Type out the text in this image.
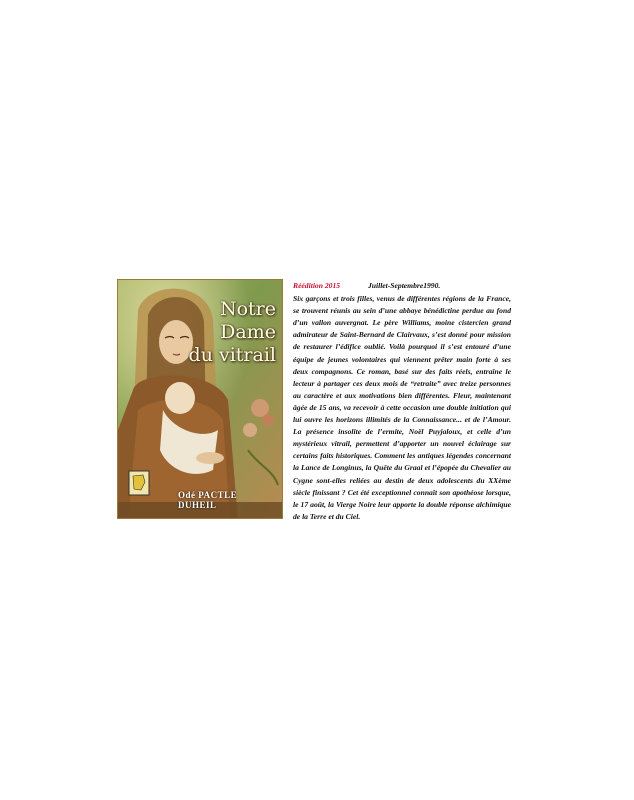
Notre
Dame
du vitrail
Odé PACTLE DUHEIL
Réédition 2015	Juillet-Septembre1990.
Six garçons et trois filles, venus de différentes régions de la France, se trouvent réunis au sein d’une abbaye bénédictine perdue au fond d’un vallon auvergnat. Le père Williams, moine cistercien grand admirateur de Saint-Bernard de Clairvaux, s’est donné pour mission de restaurer l’édifice oublié. Voilà pourquoi il s’est entouré d’une équipe de jeunes volontaires qui viennent prêter main forte à ses deux compagnons. Ce roman, basé sur des faits réels, entraîne le lecteur à partager ces deux mois de “retraite” avec treize personnes au caractère et aux motivations bien différentes. Fleur, maintenant âgée de 15 ans, va recevoir à cette occasion une double initiation qui lui ouvre les horizons illimités de la Connaissance... et de l’Amour. La présence insolite de l’ermite, Noël Puyjaloux, et celle d’un mystérieux vitrail, permettent d’apporter un nouvel éclairage sur certains faits historiques. Comment les antiques légendes concernant la Lance de Longinus, la Quête du Graal et l’épopée du Chevalier au Cygne sont-elles reliées au destin de deux adolescents du XXème siècle finissant ? Cet été exceptionnel connaît son apothéose lorsque, le 17 août, la Vierge Noire leur apporte la double réponse alchimique de la Terre et du Ciel.
